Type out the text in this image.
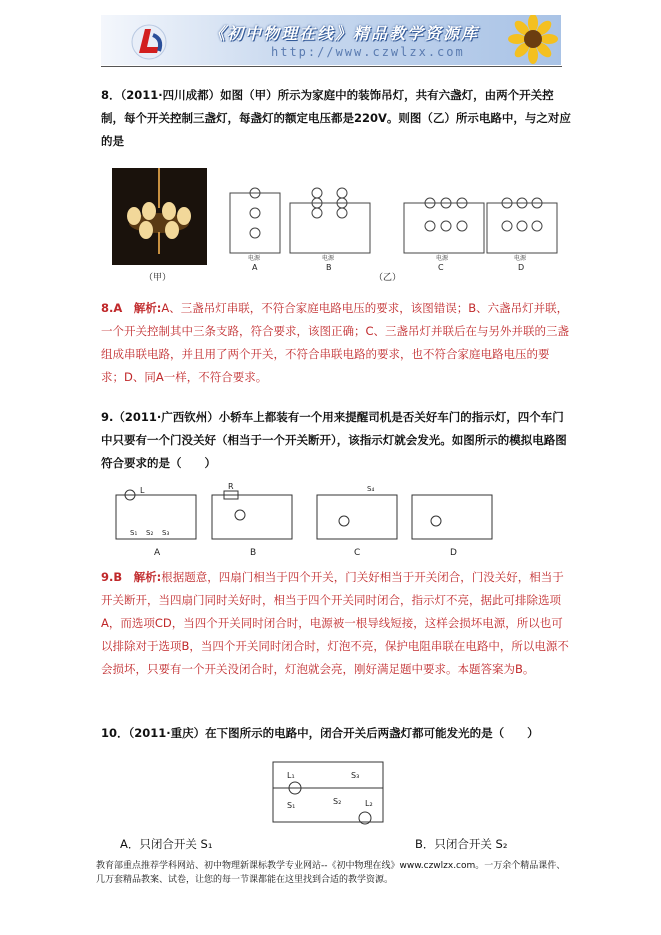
《初中物理在线》精品教学资源库
http://www.czwlzx.com
8．（2011·四川成都）如图（甲）所示为家庭中的装饰吊灯，共有六盏灯，由两个开关控制，每个开关控制三盏灯，每盏灯的额定电压都是220V。则图（乙）所示电路中，与之对应的是
（甲）
A	B
（乙）
C	D
电源	电源	电源	电源
8.A　解析:A、三盏吊灯串联，不符合家庭电路电压的要求，该图错误；B、六盏吊灯并联，一个开关控制其中三条支路，符合要求，该图正确；C、三盏吊灯并联后在与另外并联的三盏组成串联电路，并且用了两个开关，不符合串联电路的要求，也不符合家庭电路电压的要求；D、同A一样，不符合要求。
9.（2011·广西钦州）小轿车上都装有一个用来提醒司机是否关好车门的指示灯，四个车门中只要有一个门没关好（相当于一个开关断开），该指示灯就会发光。如图所示的模拟电路图符合要求的是（　　）
A	B	C	D
L	R	S₄
S₁ S₂ S₃
9.B　解析:根据题意，四扇门相当于四个开关，门关好相当于开关闭合，门没关好，相当于开关断开，当四扇门同时关好时，相当于四个开关同时闭合，指示灯不亮，据此可排除选项A，而选项CD，当四个开关同时闭合时，电源被一根导线短接，这样会损坏电源，所以也可以排除对于选项B，当四个开关同时闭合时，灯泡不亮，保护电阻串联在电路中，所以电源不会损坏，只要有一个开关没闭合时，灯泡就会亮，刚好满足题中要求。本题答案为B。
10．（2011·重庆）在下图所示的电路中，闭合开关后两盏灯都可能发光的是（　　）
L₁
L₂
S₁	S₂
S₃
A．只闭合开关 S₁	B．只闭合开关 S₂
教育部重点推荐学科网站、初中物理新课标教学专业网站--《初中物理在线》www.czwlzx.com。一万余个精品课件、几万套精品教案、试卷，让您的每一节课都能在这里找到合适的教学资源。
